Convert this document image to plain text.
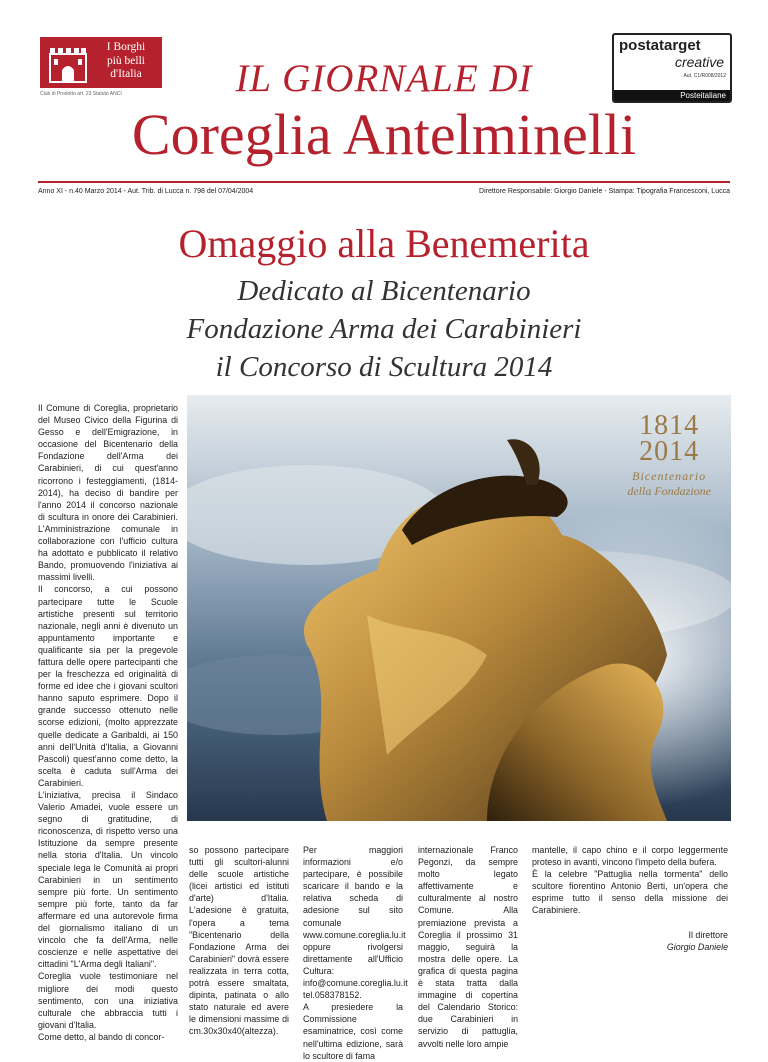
I Borghi
più belli
d'Italia
Club di Prodotto art. 23 Statuto ANCI
postatarget
creative
Aut. C1/R008/2012
Posteitaliane
IL GIORNALE DI
Coreglia Antelminelli
Anno XI - n.40 Marzo 2014 - Aut. Trib. di Lucca n. 798 del 07/04/2004	Direttore Responsabile: Giorgio Daniele - Stampa: Tipografia Francesconi, Lucca
Omaggio alla Benemerita
Dedicato al Bicentenario
Fondazione Arma dei Carabinieri
il Concorso di Scultura 2014
1814
2014
Bicentenario
della Fondazione

Il Comune di Coreglia, proprietario del Museo Civico della Figurina di Gesso e dell'Emigrazione, in occasione del Bicentenario della Fondazione dell'Arma dei Carabinieri, di cui quest'anno ricorrono i festeggiamenti, (1814-2014), ha deciso di bandire per l'anno 2014 il concorso nazionale di scultura in onore dei Carabinieri. L'Amministrazione comunale in collaborazione con l'ufficio cultura ha adottato e pubblicato il relativo Bando, promuovendo l'iniziativa ai massimi livelli.

Il concorso, a cui possono partecipare tutte le Scuole artistiche presenti sul territorio nazionale, negli anni è divenuto un appuntamento importante e qualificante sia per la pregevole fattura delle opere partecipanti che per la freschezza ed originalità di forme ed idee che i giovani scultori hanno saputo esprimere. Dopo il grande successo ottenuto nelle scorse edizioni, (molto apprezzate quelle dedicate a Garibaldi, ai 150 anni dell'Unità d'Italia, a Giovanni Pascoli) quest'anno come detto, la scelta è caduta sull'Arma dei Carabinieri.

L'iniziativa, precisa il Sindaco Valerio Amadei, vuole essere un segno di gratitudine, di riconoscenza, di rispetto verso una Istituzione da sempre presente nella storia d'Italia. Un vincolo speciale lega le Comunità ai propri Carabinieri in un sentimento sempre più forte. Un sentimento sempre più forte, tanto da far affermare ed una autorevole firma del giornalismo italiano di un vincolo che fa dell'Arma, nelle coscienze e nelle aspettative dei cittadini "L'Arma degli Italiani".

Coreglia vuole testimoniare nel migliore dei modi questo sentimento, con una iniziativa culturale che abbraccia tutti i giovani d'Italia.

Come detto, al bando di concor-

so possono partecipare tutti gli scultori-alunni delle scuole artistiche (licei artistici ed istituti d'arte) d'Italia. L'adesione è gratuita, l'opera a tema "Bicentenario della Fondazione Arma dei Carabinieri" dovrà essere realizzata in terra cotta, potrà essere smaltata, dipinta, patinata o allo stato naturale ed avere le dimensioni massime di cm.30x30x40(altezza).

Per maggiori informazioni e/o partecipare, è possibile scaricare il bando e la relativa scheda di adesione sul sito comunale www.comune.coreglia.lu.it oppure rivolgersi direttamente all'Ufficio Cultura: info@comune.coreglia.lu.it tel.058378152.

A presiedere la Commissione esaminatrice, così come nell'ultima edizione, sarà lo scultore di fama

internazionale Franco Pegonzi, da sempre molto legato affettivamente e culturalmente al nostro Comune. Alla premiazione prevista a Coreglia il prossimo 31 maggio, seguirà la mostra delle opere. La grafica di questa pagina è stata tratta dalla immagine di copertina del Calendario Storico: due Carabinieri in servizio di pattuglia, avvolti nelle loro ampie

mantelle, il capo chino e il corpo leggermente proteso in avanti, vincono l'impeto della bufera.

È la celebre "Pattuglia nella tormenta" dello scultore fiorentino Antonio Berti, un'opera che esprime tutto il senso della missione dei Carabiniere.

Il direttore

Giorgio Daniele
